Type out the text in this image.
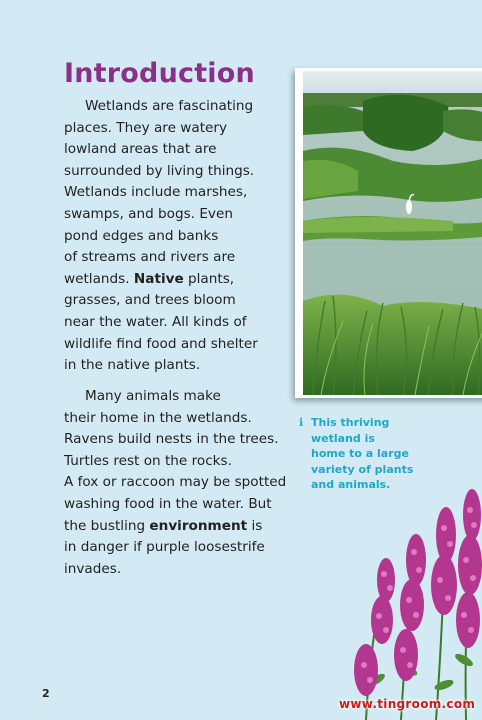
Introduction
Wetlands are fascinating
places. They are watery
lowland areas that are
surrounded by living things.
Wetlands include marshes,
swamps, and bogs. Even
pond edges and banks
of streams and rivers are
wetlands. Native plants,
grasses, and trees bloom
near the water. All kinds of
wildlife find food and shelter
in the native plants.
Many animals make
their home in the wetlands.
Ravens build nests in the trees.
Turtles rest on the rocks.
A fox or raccoon may be spotted
washing food in the water. But
the bustling environment is
in danger if purple loosestrife
invades.
ℹ This thriving
wetland is
home to a large
variety of plants
and animals.
2
www.tingroom.com
